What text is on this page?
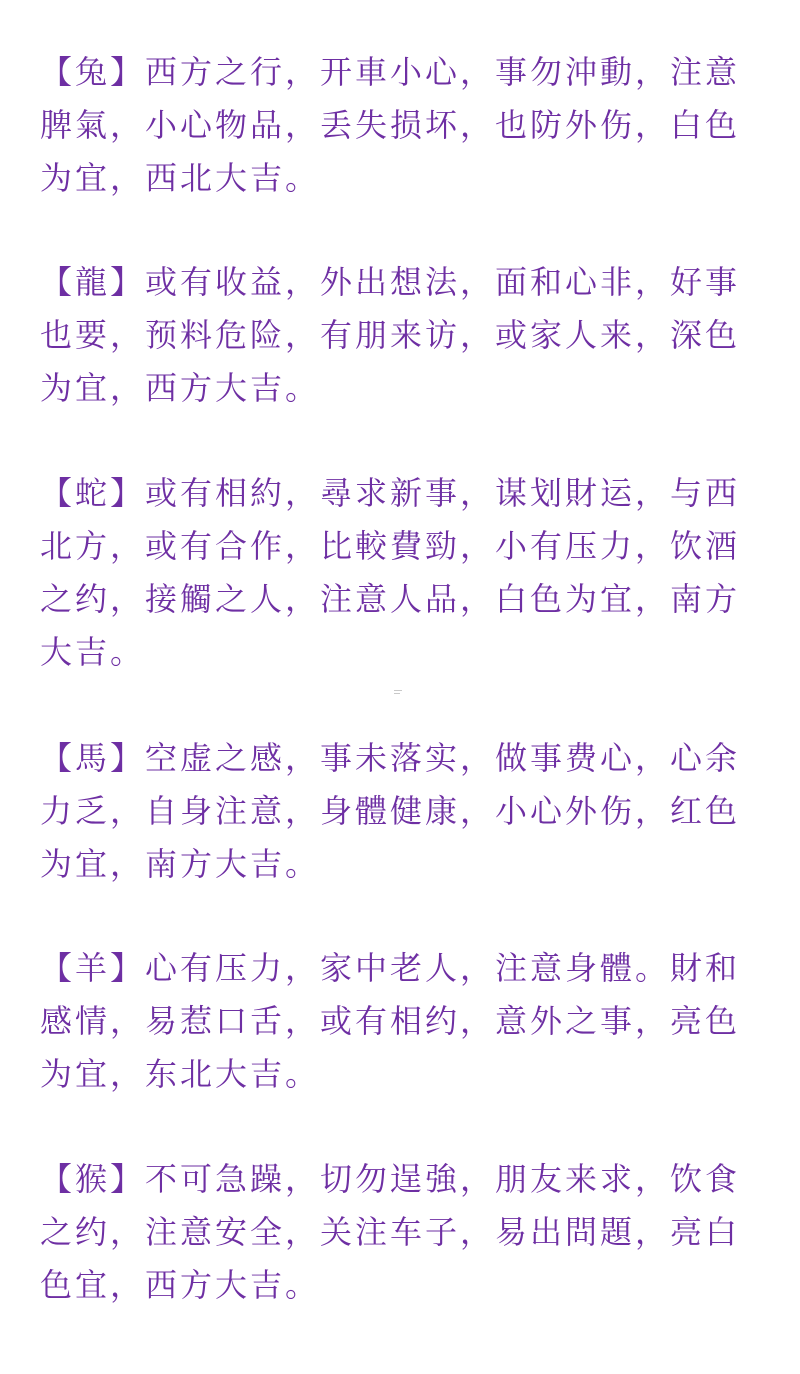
【兔】西方之行，开車小心，事勿沖動，注意脾氣，小心物品，丢失损坏，也防外伤，白色为宜，西北大吉。

【龍】或有收益，外出想法，面和心非，好事也要，预料危险，有朋来访，或家人来，深色为宜，西方大吉。

【蛇】或有相約，尋求新事，谋划財运，与西北方，或有合作，比較費勁，小有压力，饮酒之约，接觸之人，注意人品，白色为宜，南方大吉。

【馬】空虚之感，事未落实，做事费心，心余力乏，自身注意，身體健康，小心外伤，红色为宜，南方大吉。

【羊】心有压力，家中老人，注意身體。財和感情，易惹口舌，或有相约，意外之事，亮色为宜，东北大吉。

【猴】不可急躁，切勿逞強，朋友来求，饮食之约，注意安全，关注车子，易出問題，亮白色宜，西方大吉。
